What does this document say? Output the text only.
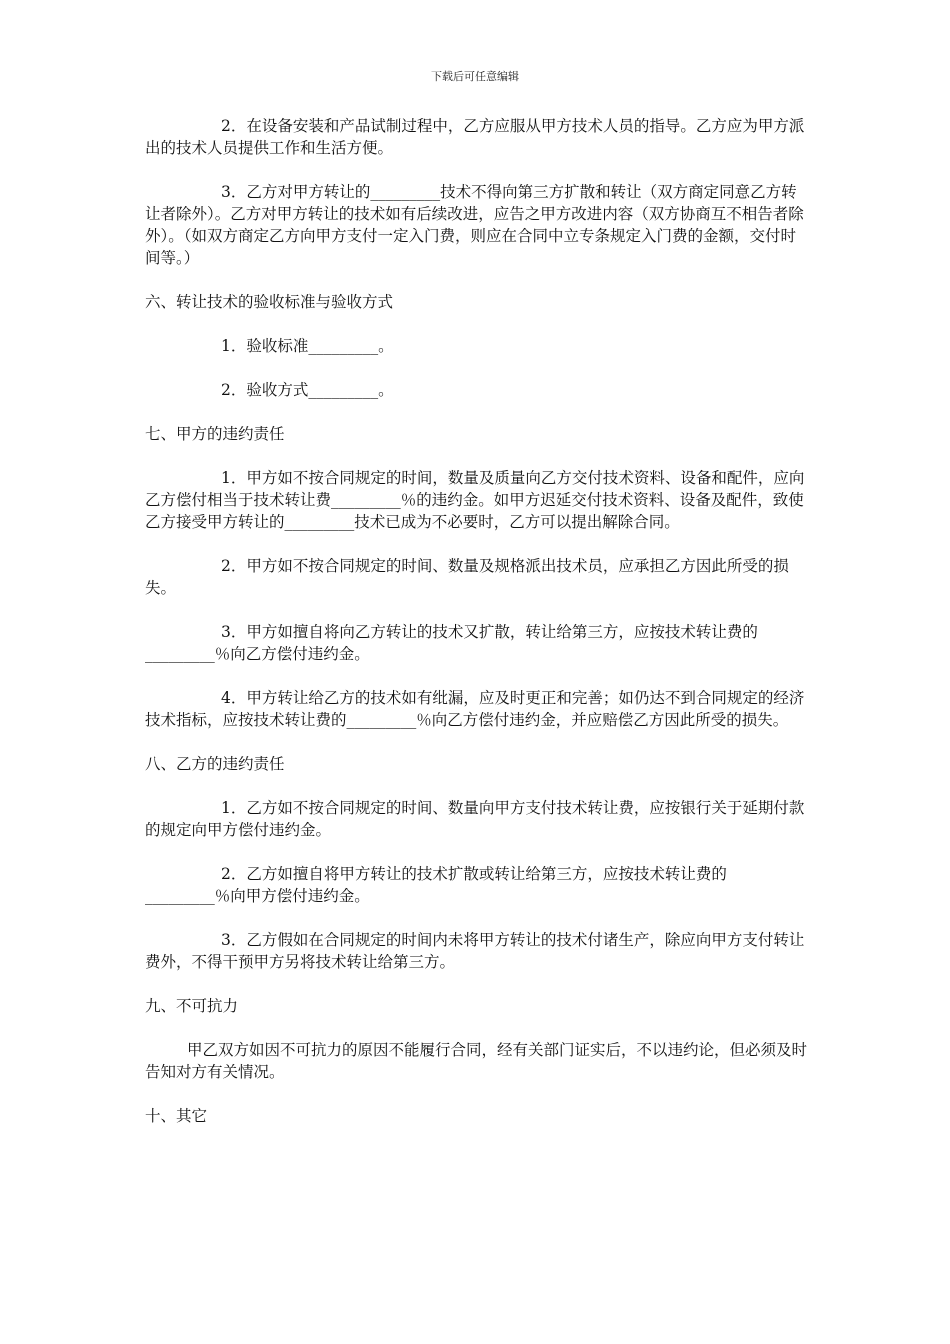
下载后可任意编辑

2．在设备安装和产品试制过程中，乙方应服从甲方技术人员的指导。乙方应为甲方派出的技术人员提供工作和生活方便。

3．乙方对甲方转让的_________技术不得向第三方扩散和转让（双方商定同意乙方转让者除外）。乙方对甲方转让的技术如有后续改进，应告之甲方改进内容（双方协商互不相告者除外）。（如双方商定乙方向甲方支付一定入门费，则应在合同中立专条规定入门费的金额，交付时间等。）

六、转让技术的验收标准与验收方式

1．验收标准_________。

2．验收方式_________。

七、甲方的违约责任

1．甲方如不按合同规定的时间，数量及质量向乙方交付技术资料、设备和配件，应向乙方偿付相当于技术转让费_________％的违约金。如甲方迟延交付技术资料、设备及配件，致使乙方接受甲方转让的_________技术已成为不必要时，乙方可以提出解除合同。

2．甲方如不按合同规定的时间、数量及规格派出技术员，应承担乙方因此所受的损失。

3．甲方如擅自将向乙方转让的技术又扩散，转让给第三方，应按技术转让费的_________％向乙方偿付违约金。

4．甲方转让给乙方的技术如有纰漏，应及时更正和完善；如仍达不到合同规定的经济技术指标，应按技术转让费的_________％向乙方偿付违约金，并应赔偿乙方因此所受的损失。

八、乙方的违约责任

1．乙方如不按合同规定的时间、数量向甲方支付技术转让费，应按银行关于延期付款的规定向甲方偿付违约金。

2．乙方如擅自将甲方转让的技术扩散或转让给第三方，应按技术转让费的_________％向甲方偿付违约金。

3．乙方假如在合同规定的时间内未将甲方转让的技术付诸生产，除应向甲方支付转让费外，不得干预甲方另将技术转让给第三方。

九、不可抗力

甲乙双方如因不可抗力的原因不能履行合同，经有关部门证实后，不以违约论，但必须及时告知对方有关情况。

十、其它
